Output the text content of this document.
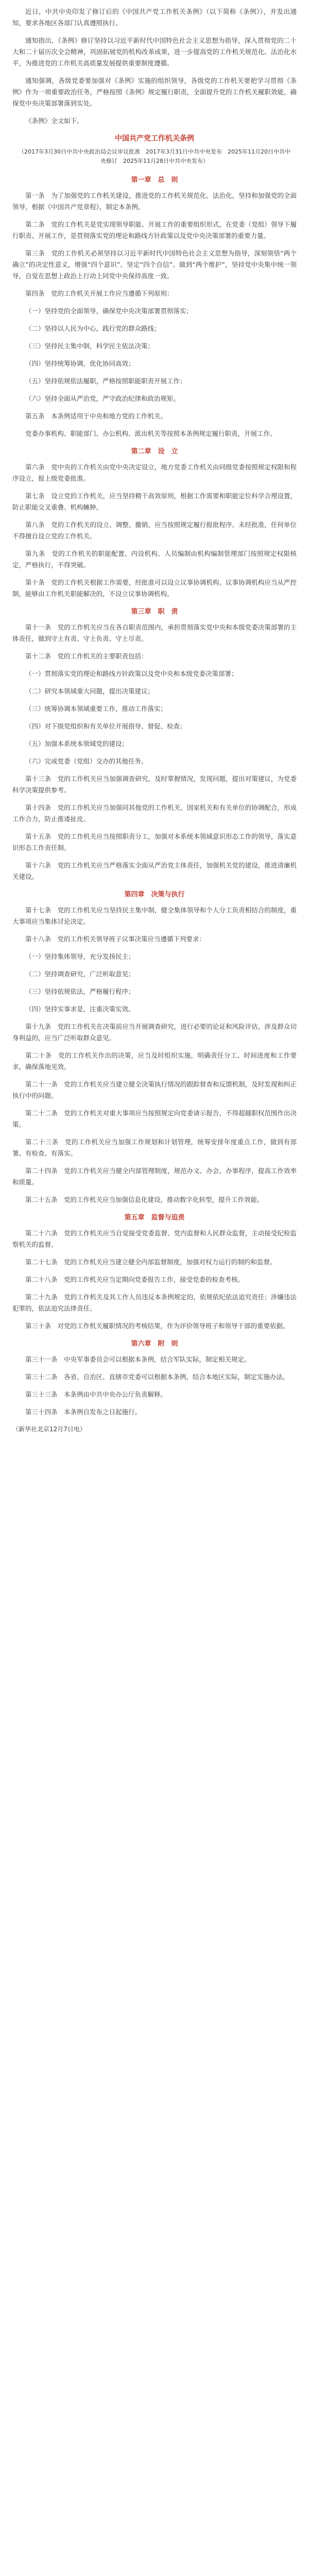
近日，中共中央印发了修订后的《中国共产党工作机关条例》（以下简称《条例》），并发出通知，要求各地区各部门认真遵照执行。

通知指出，《条例》修订坚持以习近平新时代中国特色社会主义思想为指导，深入贯彻党的二十大和二十届历次全会精神，巩固拓展党的机构改革成果，进一步提高党的工作机关规范化、法治化水平，为推进党的工作机关高质量发展提供重要制度遵循。

通知强调，各级党委要加强对《条例》实施的组织领导，各级党的工作机关要把学习贯彻《条例》作为一项重要政治任务，严格按照《条例》规定履行职责，全面提升党的工作机关履职效能，确保党中央决策部署落到实处。

《条例》全文如下。

中国共产党工作机关条例
（2017年3月30日中共中央政治局会议审议批准　2017年3月31日中共中央发布　2025年11月20日中共中央修订　2025年11月28日中共中央发布）
第一章　总　则

第一条　为了加强党的工作机关建设，推进党的工作机关规范化、法治化，坚持和加强党的全面领导，根据《中国共产党章程》，制定本条例。

第二条　党的工作机关是党实现领导职能、开展工作的重要组织形式，在党委（党组）领导下履行职责、开展工作，是贯彻落实党的理论和路线方针政策以及党中央决策部署的重要力量。

第三条　党的工作机关必须坚持以习近平新时代中国特色社会主义思想为指导，深刻领悟“两个确立”的决定性意义，增强“四个意识”、坚定“四个自信”、做到“两个维护”，坚持党中央集中统一领导，自觉在思想上政治上行动上同党中央保持高度一致。

第四条　党的工作机关开展工作应当遵循下列原则：

（一）坚持党的全面领导，确保党中央决策部署贯彻落实；

（二）坚持以人民为中心，践行党的群众路线；

（三）坚持民主集中制，科学民主依法决策；

（四）坚持统筹协调，优化协同高效；

（五）坚持依规依法履职，严格按照职能职责开展工作；

（六）坚持全面从严治党，严守政治纪律和政治规矩。

第五条　本条例适用于中央和地方党的工作机关。

党委办事机构、职能部门、办公机构、派出机关等按照本条例规定履行职责，开展工作。

第二章　设　立

第六条　党中央的工作机关由党中央决定设立，地方党委工作机关由同级党委按照规定权限和程序设立，报上级党委批准。

第七条　设立党的工作机关，应当坚持精干高效原则，根据工作需要和职能定位科学合理设置，防止职能交叉重叠、机构臃肿。

第八条　党的工作机关的设立、调整、撤销，应当按照规定履行报批程序。未经批准，任何单位不得擅自设立党的工作机关。

第九条　党的工作机关的职能配置、内设机构、人员编制由机构编制管理部门按照规定权限核定，严格执行，不得突破。

第十条　党的工作机关根据工作需要，经批准可以设立议事协调机构。议事协调机构应当从严控制，能够由工作机关职能解决的，不设立议事协调机构。

第三章　职　责

第十一条　党的工作机关应当在各自职责范围内，承担贯彻落实党中央和本级党委决策部署的主体责任，做到守土有责、守土负责、守土尽责。

第十二条　党的工作机关的主要职责包括：

（一）贯彻落实党的理论和路线方针政策以及党中央和本级党委决策部署；

（二）研究本领域重大问题，提出决策建议；

（三）统筹协调本领域重要工作，推动工作落实；

（四）对下级党组织和有关单位开展指导、督促、检查；

（五）加强本系统本领域党的建设；

（六）完成党委（党组）交办的其他任务。

第十三条　党的工作机关应当加强调查研究，及时掌握情况，发现问题，提出对策建议，为党委科学决策提供参考。

第十四条　党的工作机关应当加强同其他党的工作机关、国家机关和有关单位的协调配合，形成工作合力，防止推诿扯皮。

第十五条　党的工作机关应当按照职责分工，加强对本系统本领域意识形态工作的领导，落实意识形态工作责任制。

第十六条　党的工作机关应当严格落实全面从严治党主体责任，加强机关党的建设，推进清廉机关建设。

第四章　决策与执行

第十七条　党的工作机关应当坚持民主集中制，健全集体领导和个人分工负责相结合的制度，重大事项应当集体讨论决定。

第十八条　党的工作机关领导班子议事决策应当遵循下列要求：

（一）坚持集体领导，充分发扬民主；

（二）坚持调查研究，广泛听取意见；

（三）坚持依规依法，严格履行程序；

（四）坚持实事求是，注重决策实效。

第十九条　党的工作机关在决策前应当开展调查研究，进行必要的论证和风险评估，涉及群众切身利益的，应当广泛听取群众意见。

第二十条　党的工作机关作出的决策，应当及时组织实施，明确责任分工、时间进度和工作要求，确保落地见效。

第二十一条　党的工作机关应当建立健全决策执行情况的跟踪督查和反馈机制，及时发现和纠正执行中的问题。

第二十二条　党的工作机关对重大事项应当按照规定向党委请示报告，不得超越职权范围作出决策。

第二十三条　党的工作机关应当加强工作规划和计划管理，统筹安排年度重点工作，做到有部署、有检查、有落实。

第二十四条　党的工作机关应当健全内部管理制度，规范办文、办会、办事程序，提高工作效率和质量。

第二十五条　党的工作机关应当加强信息化建设，推动数字化转型，提升工作效能。

第五章　监督与追责

第二十六条　党的工作机关应当自觉接受党委监督、党内监督和人民群众监督，主动接受纪检监察机关的监督。

第二十七条　党的工作机关应当建立健全内部监督制度，加强对权力运行的制约和监督。

第二十八条　党的工作机关应当定期向党委报告工作，接受党委的检查考核。

第二十九条　党的工作机关及其工作人员违反本条例规定的，依规依纪依法追究责任；涉嫌违法犯罪的，依法追究法律责任。

第三十条　对党的工作机关履职情况的考核结果，作为评价领导班子和领导干部的重要依据。

第六章　附　则

第三十一条　中央军事委员会可以根据本条例，结合军队实际，制定相关规定。

第三十二条　各省、自治区、直辖市党委可以根据本条例，结合本地区实际，制定实施办法。

第三十三条　本条例由中共中央办公厅负责解释。

第三十四条　本条例自发布之日起施行。

（新华社北京12月7日电）
